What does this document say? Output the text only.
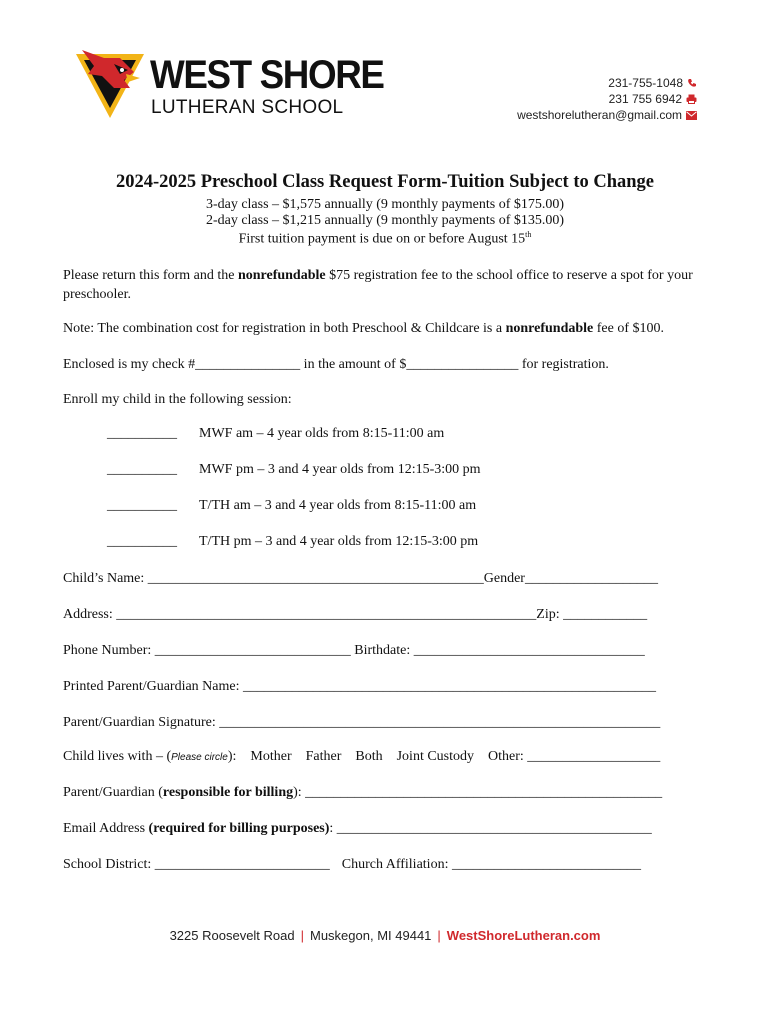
WEST SHORE
LUTHERAN SCHOOL
231-755-1048
231 755 6942
westshorelutheran@gmail.com
2024-2025 Preschool Class Request Form-Tuition Subject to Change
3-day class – $1,575 annually (9 monthly payments of $175.00)
2-day class – $1,215 annually (9 monthly payments of $135.00)
First tuition payment is due on or before August 15th
Please return this form and the nonrefundable $75 registration fee to the school office to reserve a spot for your preschooler.
Note: The combination cost for registration in both Preschool & Childcare is a nonrefundable fee of $100.
Enclosed is my check #_______________ in the amount of $________________ for registration.
Enroll my child in the following session:
__________ MWF am – 4 year olds from 8:15-11:00 am
__________ MWF pm – 3 and 4 year olds from 12:15-3:00 pm
__________ T/TH am – 3 and 4 year olds from 8:15-11:00 am
__________ T/TH pm – 3 and 4 year olds from 12:15-3:00 pm
Child’s Name: ________________________________________________Gender___________________
Address: ____________________________________________________________Zip: ____________
Phone Number: ____________________________ Birthdate: _________________________________
Printed Parent/Guardian Name: ___________________________________________________________
Parent/Guardian Signature: _______________________________________________________________
Child lives with – (Please circle): Mother Father Both Joint Custody Other: ___________________
Parent/Guardian (responsible for billing): ___________________________________________________
Email Address (required for billing purposes): _____________________________________________
School District: _________________________ Church Affiliation: ___________________________
3225 Roosevelt Road | Muskegon, MI 49441 | WestShoreLutheran.com
